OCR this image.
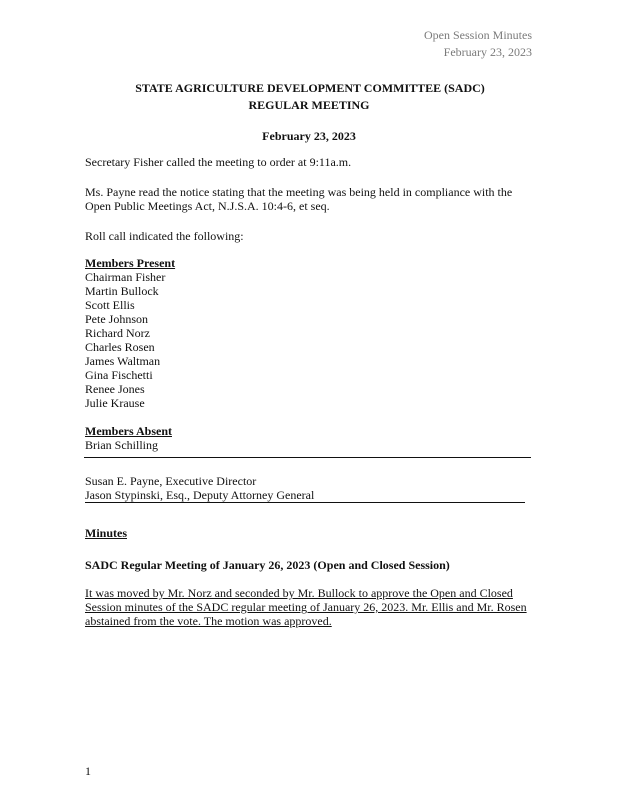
Open Session Minutes
February 23, 2023
STATE AGRICULTURE DEVELOPMENT COMMITTEE (SADC)
REGULAR MEETING
February 23, 2023

Secretary Fisher called the meeting to order at 9:11a.m.

Ms. Payne read the notice stating that the meeting was being held in compliance with the

Open Public Meetings Act, N.J.S.A. 10:4-6, et seq.

Roll call indicated the following:

Members Present
Chairman Fisher
Martin Bullock
Scott Ellis
Pete Johnson
Richard Norz
Charles Rosen
James Waltman
Gina Fischetti
Renee Jones
Julie Krause
Members Absent
Brian Schilling
Susan E. Payne, Executive Director
Jason Stypinski, Esq., Deputy Attorney General
Minutes
SADC Regular Meeting of January 26, 2023 (Open and Closed Session)

It was moved by Mr. Norz and seconded by Mr. Bullock to approve the Open and Closed

Session minutes of the SADC regular meeting of January 26, 2023. Mr. Ellis and Mr. Rosen

abstained from the vote. The motion was approved.

1
